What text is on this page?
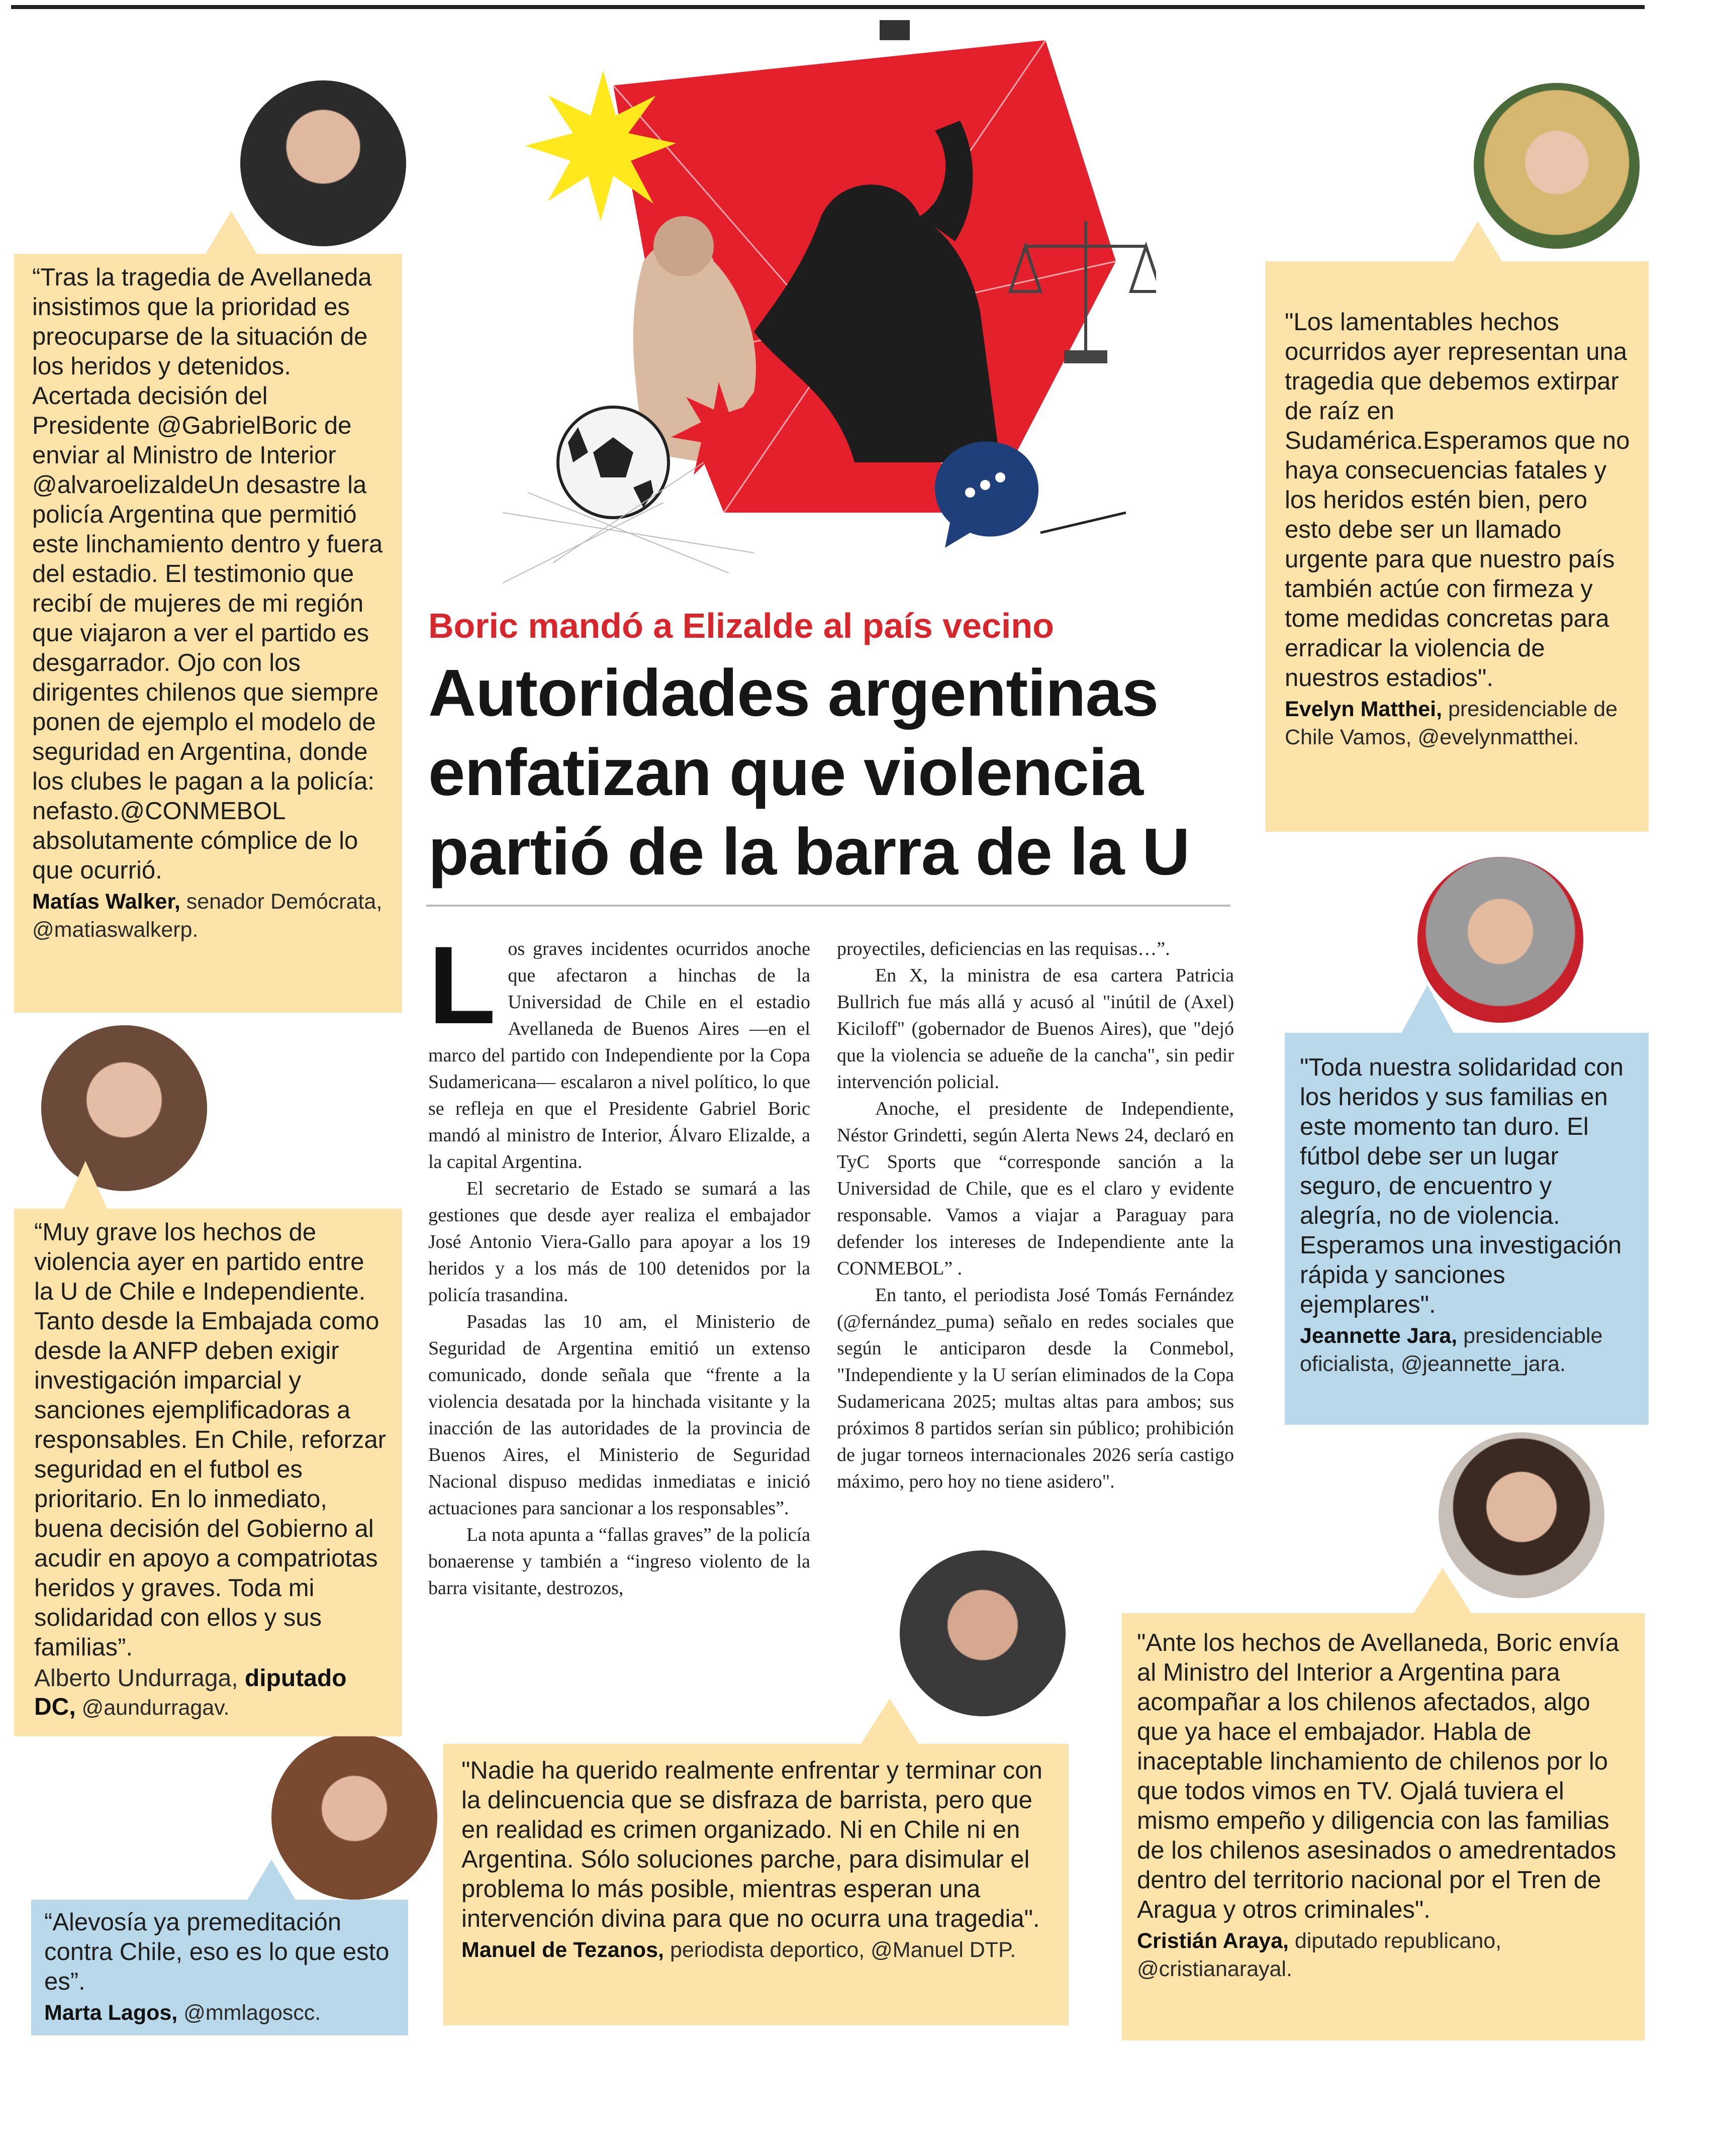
Boric mandó a Elizalde al país vecino
Autoridades argentinas enfatizan que violencia partió de la barra de la U

Los graves incidentes ocurridos anoche que afectaron a hinchas de la Universidad de Chile en el estadio Avellaneda de Buenos Aires —en el marco del partido con Independiente por la Copa Sudamericana— escalaron a nivel político, lo que se refleja en que el Presidente Gabriel Boric mandó al ministro de Interior, Álvaro Elizalde, a la capital Argentina.

El secretario de Estado se sumará a las gestiones que desde ayer realiza el embajador José Antonio Viera-Gallo para apoyar a los 19 heridos y a los más de 100 detenidos por la policía trasandina.

Pasadas las 10 am, el Ministerio de Seguridad de Argentina emitió un extenso comunicado, donde señala que “frente a la violencia desatada por la hinchada visitante y la inacción de las autoridades de la provincia de Buenos Aires, el Ministerio de Seguridad Nacional dispuso medidas inmediatas e inició actuaciones para sancionar a los responsables”.

La nota apunta a “fallas graves” de la policía bonaerense y también a “ingreso violento de la barra visitante, destrozos,

proyectiles, deficiencias en las requisas…”.

En X, la ministra de esa cartera Patricia Bullrich fue más allá y acusó al "inútil de (Axel) Kiciloff" (gobernador de Buenos Aires), que "dejó que la violencia se adueñe de la cancha", sin pedir intervención policial.

Anoche, el presidente de Independiente, Néstor Grindetti, según Alerta News 24, declaró en TyC Sports que “corresponde sanción a la Universidad de Chile, que es el claro y evidente responsable. Vamos a viajar a Paraguay para defender los intereses de Independiente ante la CONMEBOL” .

En tanto, el periodista José Tomás Fernández (@fernández_puma) señalo en redes sociales que según le anticiparon desde la Conmebol, "Independiente y la U serían eliminados de la Copa Sudamericana 2025; multas altas para ambos; sus próximos 8 partidos serían sin público; prohibición de jugar torneos internacionales 2026 sería castigo máximo, pero hoy no tiene asidero".

“Tras la tragedia de Avellaneda insistimos que la prioridad es preocuparse de la situación de los heridos y detenidos. Acertada decisión del Presidente @GabrielBoric de enviar al Ministro de Interior @alvaroelizaldeUn desastre la policía Argentina que permitió este linchamiento dentro y fuera del estadio. El testimonio que recibí de mujeres de mi región que viajaron a ver el partido es desgarrador. Ojo con los dirigentes chilenos que siempre ponen de ejemplo el modelo de seguridad en Argentina, donde los clubes le pagan a la policía: nefasto.@CONMEBOL absolutamente cómplice de lo que ocurrió.

Matías Walker, senador Demócrata, @matiaswalkerp.

“Muy grave los hechos de violencia ayer en partido entre la U de Chile e Independiente. Tanto desde la Embajada como desde la ANFP deben exigir investigación imparcial y sanciones ejemplificadoras a responsables. En Chile, reforzar seguridad en el futbol es prioritario. En lo inmediato, buena decisión del Gobierno al acudir en apoyo a compatriotas heridos y graves. Toda mi solidaridad con ellos y sus familias”.

Alberto Undurraga, diputado DC, @aundurragav.

“Alevosía ya premeditación contra Chile, eso es lo que esto es”.

Marta Lagos, @mmlagoscc.

"Nadie ha querido realmente enfrentar y terminar con la delincuencia que se disfraza de barrista, pero que en realidad es crimen organizado. Ni en Chile ni en Argentina. Sólo soluciones parche, para disimular el problema lo más posible, mientras esperan una intervención divina para que no ocurra una tragedia".

Manuel de Tezanos, periodista deportico, @Manuel DTP.

"Los lamentables hechos ocurridos ayer representan una tragedia que debemos extirpar de raíz en Sudamérica.Esperamos que no haya consecuencias fatales y los heridos estén bien, pero esto debe ser un llamado urgente para que nuestro país también actúe con firmeza y tome medidas concretas para erradicar la violencia de nuestros estadios".

Evelyn Matthei, presidenciable de Chile Vamos, @evelynmatthei.

"Toda nuestra solidaridad con los heridos y sus familias en este momento tan duro. El fútbol debe ser un lugar seguro, de encuentro y alegría, no de violencia. Esperamos una investigación rápida y sanciones ejemplares".

Jeannette Jara, presidenciable oficialista, @jeannette_jara.

"Ante los hechos de Avellaneda, Boric envía al Ministro del Interior a Argentina para acompañar a los chilenos afectados, algo que ya hace el embajador. Habla de inaceptable linchamiento de chilenos por lo que todos vimos en TV. Ojalá tuviera el mismo empeño y diligencia con las familias de los chilenos asesinados o amedrentados dentro del territorio nacional por el Tren de Aragua y otros criminales".

Cristián Araya, diputado republicano, @cristianarayal.
